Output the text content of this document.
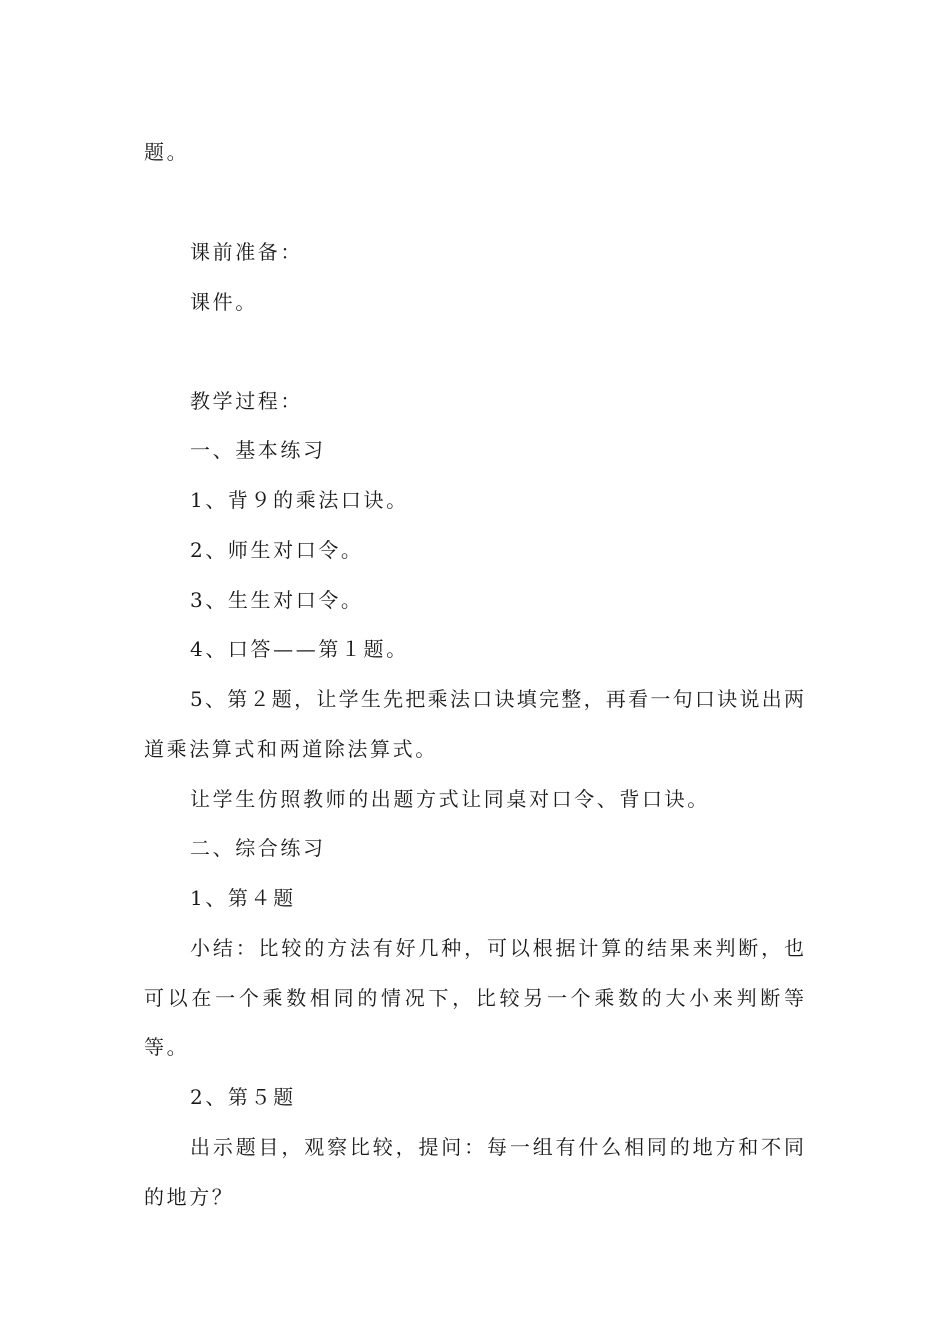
题。
课前准备：
课件。
教学过程：
一、基本练习
1、背９的乘法口诀。
2、师生对口令。
3、生生对口令。
4、口答——第１题。
5、第２题，让学生先把乘法口诀填完整，再看一句口诀说出两
道乘法算式和两道除法算式。
让学生仿照教师的出题方式让同桌对口令、背口诀。
二、综合练习
1、第４题
小结：比较的方法有好几种，可以根据计算的结果来判断，也
可以在一个乘数相同的情况下，比较另一个乘数的大小来判断等
等。
2、第５题
出示题目，观察比较，提问：每一组有什么相同的地方和不同
的地方？
